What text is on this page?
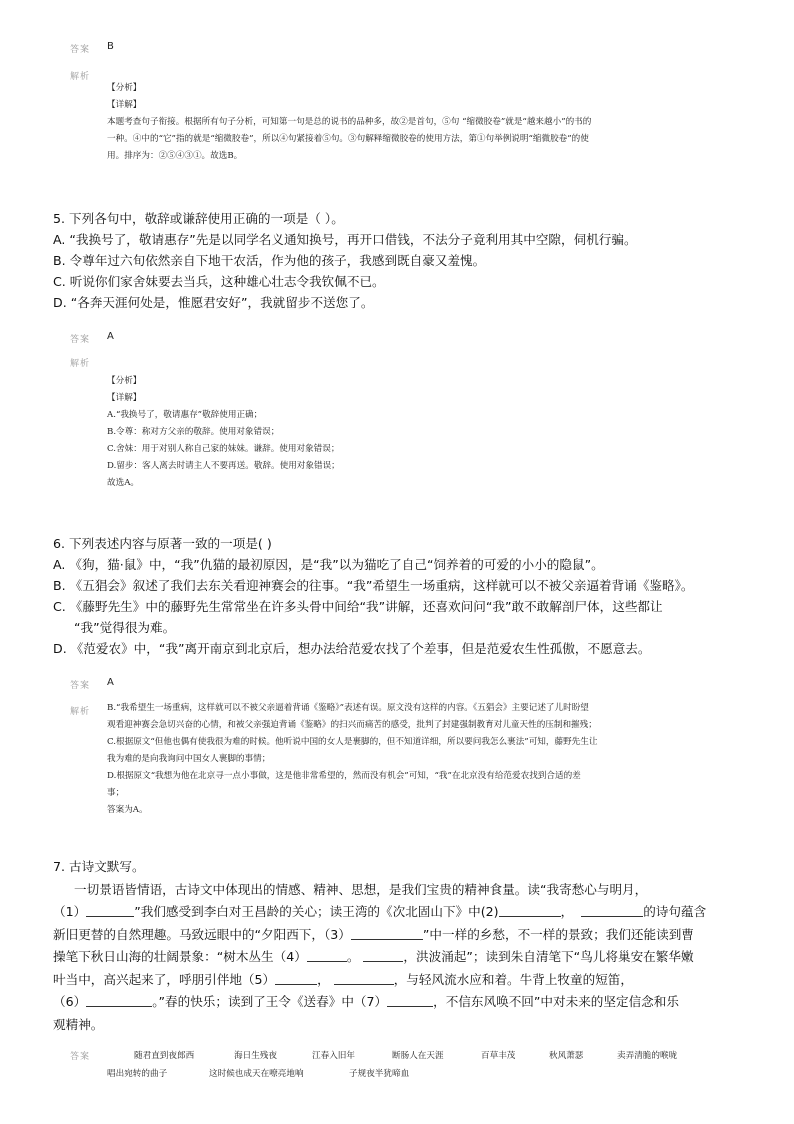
答案 B
解析
【分析】
【详解】
本题考查句子衔接。根据所有句子分析，可知第一句是总的说书的品种多，故②是首句，⑤句 “缩微胶卷”就是“越来越小”的书的
一种。④中的“它”指的就是“缩微胶卷”，所以④句紧接着⑤句。③句解释缩微胶卷的使用方法，第①句举例说明“缩微胶卷”的使
用。排序为：②⑤④③①。故选B。
5. 下列各句中，敬辞或谦辞使用正确的一项是（ ）。
A. “我换号了，敬请惠存”先是以同学名义通知换号，再开口借钱，不法分子竟利用其中空隙，伺机行骗。
B. 令尊年过六旬依然亲自下地干农活，作为他的孩子，我感到既自豪又羞愧。
C. 听说你们家舍妹要去当兵，这种雄心壮志令我钦佩不已。
D. “各奔天涯何处是，惟愿君安好”，我就留步不送您了。
答案 A
解析
【分析】
【详解】
A.“我换号了，敬请惠存”敬辞使用正确；
B.令尊：称对方父亲的敬辞。使用对象错误；
C.舍妹：用于对别人称自己家的妹妹。谦辞。使用对象错误；
D.留步：客人离去时请主人不要再送。敬辞。使用对象错误；
故选A。
6. 下列表述内容与原著一致的一项是( )
A. 《狗，猫·鼠》中，“我”仇猫的最初原因，是“我”以为猫吃了自己“饲养着的可爱的小小的隐鼠”。
B. 《五猖会》叙述了我们去东关看迎神赛会的往事。“我”希望生一场重病，这样就可以不被父亲逼着背诵《鉴略》。
C. 《藤野先生》中的藤野先生常常坐在许多头骨中间给“我”讲解，还喜欢问问“我”敢不敢解剖尸体，这些都让
“我”觉得很为难。
D. 《范爱农》中，“我”离开南京到北京后，想办法给范爱农找了个差事，但是范爱农生性孤傲，不愿意去。
答案 A
解析 B.“我希望生一场重病，这样就可以不被父亲逼着背诵《鉴略》”表述有误。原文没有这样的内容。《五猖会》主要记述了儿时盼望
观看迎神赛会急切兴奋的心情，和被父亲强迫背诵《鉴略》的扫兴而痛苦的感受，批判了封建强制教育对儿童天性的压制和摧残；
C.根据原文“但他也偶有使我很为难的时候。他听说中国的女人是裹脚的，但不知道详细，所以要问我怎么裹法”可知，藤野先生让
我为难的是向我询问中国女人裹脚的事情；
D.根据原文“我想为他在北京寻一点小事做，这是他非常希望的，然而没有机会”可知，“我”在北京没有给范爱农找到合适的差
事；
答案为A。
7. 古诗文默写。
一切景语皆情语，古诗文中体现出的情感、精神、思想，是我们宝贵的精神食量。读“我寄愁心与明月，
（1）	”我们感受到李白对王昌龄的关心；读王湾的《次北固山下》中(2)	，	的诗句蕴含
新旧更替的自然理趣。马致远眼中的“夕阳西下，（3）	”中一样的乡愁，不一样的景致；我们还能读到曹
操笔下秋日山海的壮阔景象：“树木丛生（4）	。	，洪波涌起”；读到朱自清笔下“鸟儿将巢安在繁华嫩
叶当中，高兴起来了，呼朋引伴地（5）	，	，与轻风流水应和着。牛背上牧童的短笛，
（6）	。”春的快乐；读到了王令《送春》中（7）	，不信东风唤不回”中对未来的坚定信念和乐
观精神。
答案	随君直到夜郎西	海日生残夜	江春入旧年	断肠人在天涯	百草丰茂	秋风萧瑟	卖弄清脆的喉咙
唱出宛转的曲子	这时候也成天在嘹亮地响	子规夜半犹啼血
